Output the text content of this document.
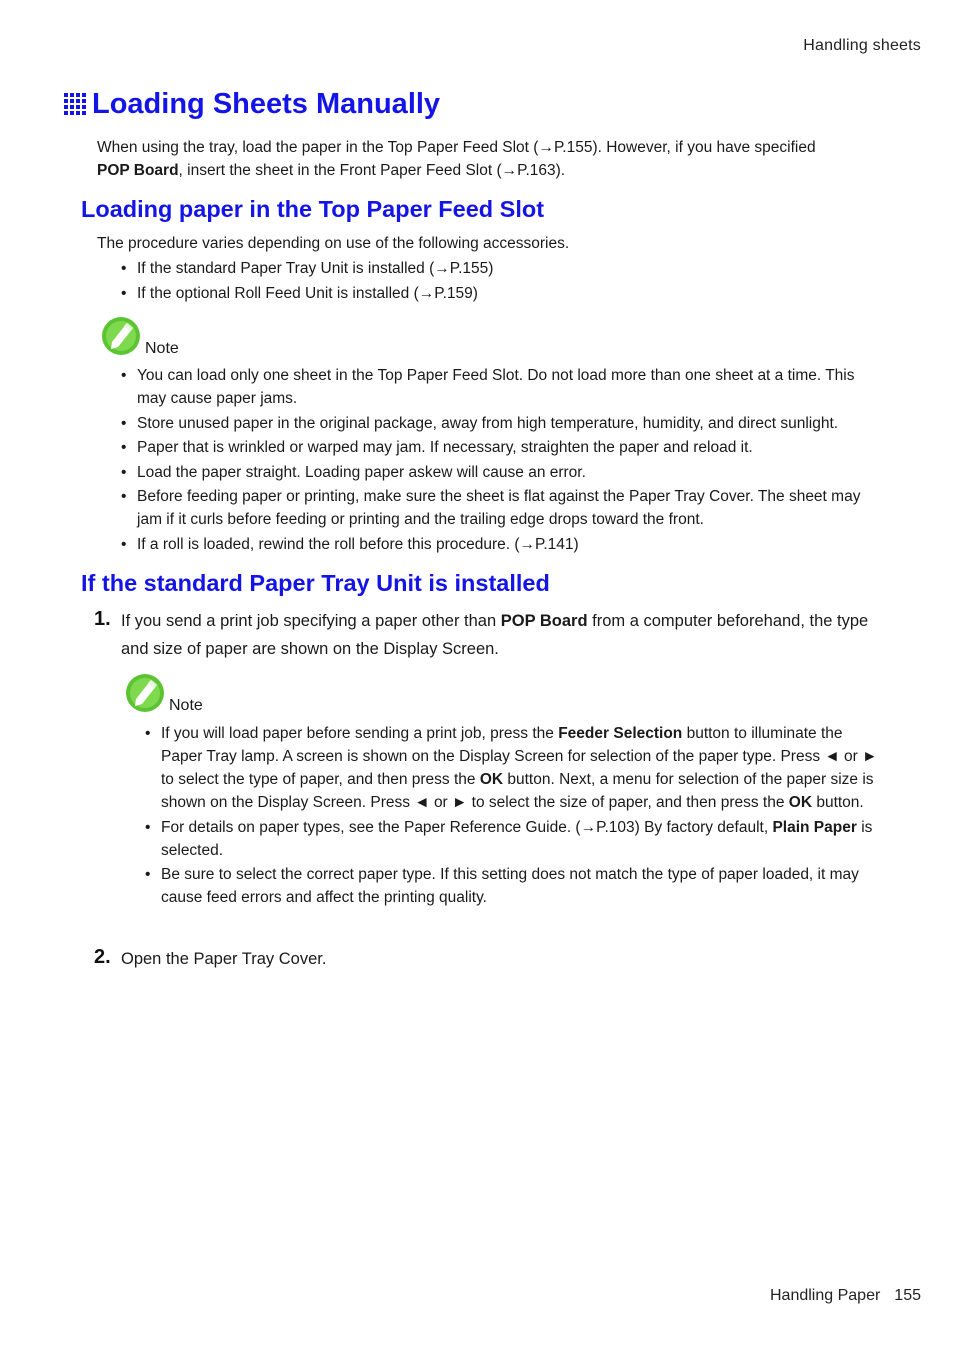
Handling sheets
Loading Sheets Manually
When using the tray, load the paper in the Top Paper Feed Slot (→P.155). However, if you have specified
POP Board, insert the sheet in the Front Paper Feed Slot (→P.163).
Loading paper in the Top Paper Feed Slot
The procedure varies depending on use of the following accessories.
• If the standard Paper Tray Unit is installed (→P.155)
• If the optional Roll Feed Unit is installed (→P.159)
Note
• You can load only one sheet in the Top Paper Feed Slot. Do not load more than one sheet at a time. This may cause paper jams.
• Store unused paper in the original package, away from high temperature, humidity, and direct sunlight.
• Paper that is wrinkled or warped may jam. If necessary, straighten the paper and reload it.
• Load the paper straight. Loading paper askew will cause an error.
• Before feeding paper or printing, make sure the sheet is flat against the Paper Tray Cover. The sheet may jam if it curls before feeding or printing and the trailing edge drops toward the front.
• If a roll is loaded, rewind the roll before this procedure. (→P.141)
If the standard Paper Tray Unit is installed
1. If you send a print job specifying a paper other than POP Board from a computer beforehand, the type and size of paper are shown on the Display Screen.
Note
• If you will load paper before sending a print job, press the Feeder Selection button to illuminate the Paper Tray lamp. A screen is shown on the Display Screen for selection of the paper type. Press ◄ or ► to select the type of paper, and then press the OK button. Next, a menu for selection of the paper size is shown on the Display Screen. Press ◄ or ► to select the size of paper, and then press the OK button.
• For details on paper types, see the Paper Reference Guide. (→P.103) By factory default, Plain Paper is selected.
• Be sure to select the correct paper type. If this setting does not match the type of paper loaded, it may cause feed errors and affect the printing quality.
2. Open the Paper Tray Cover.
Handling Paper 155
